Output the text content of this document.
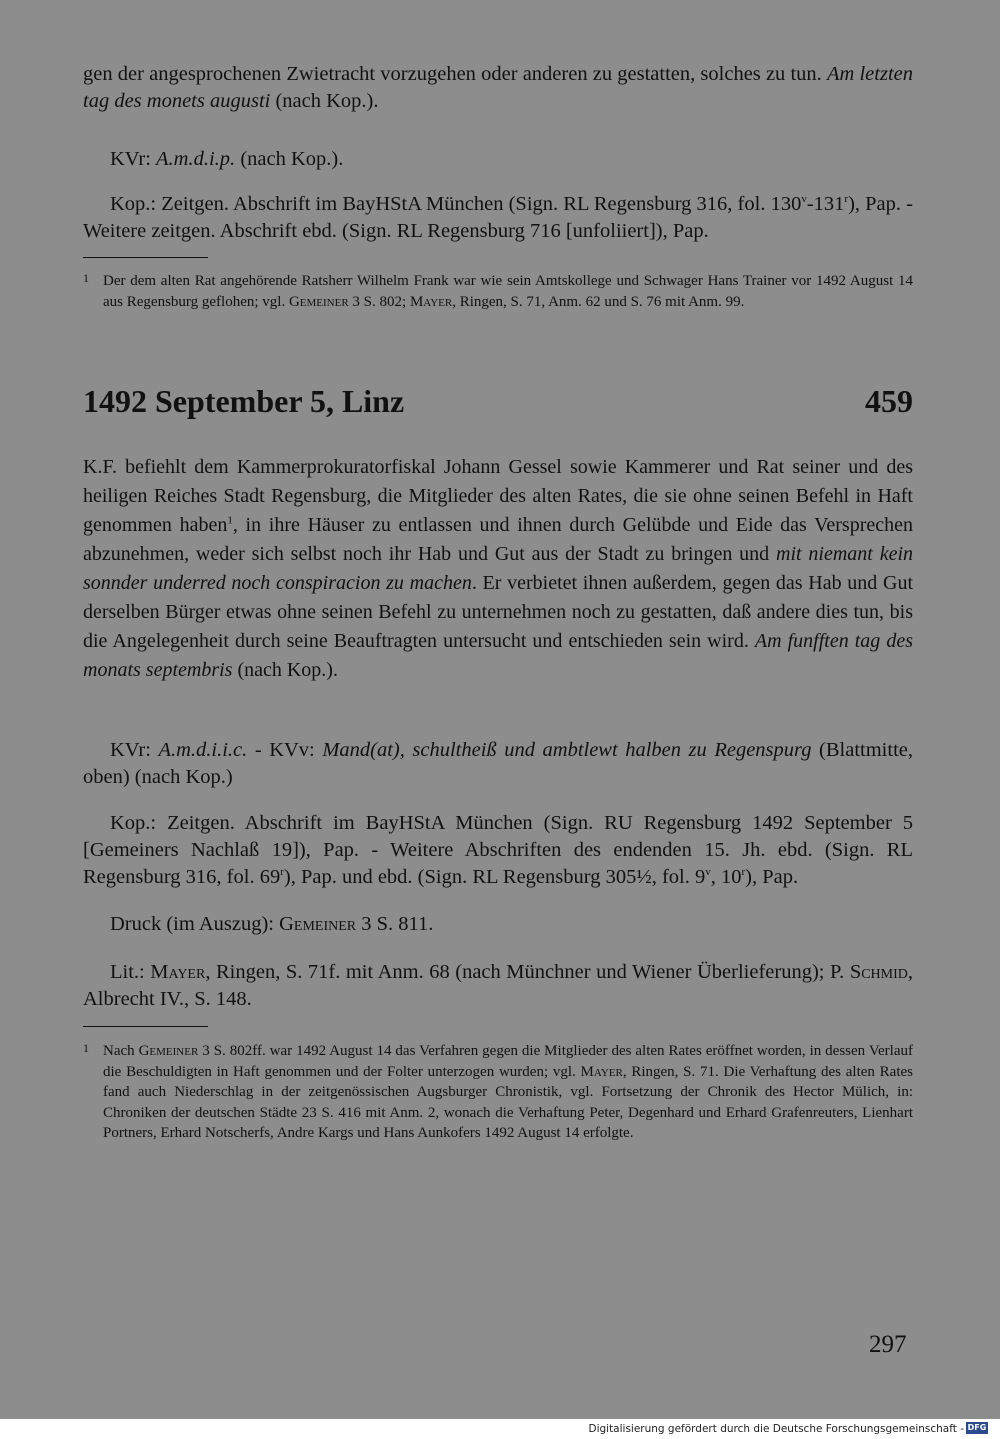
gen der angesprochenen Zwietracht vorzugehen oder anderen zu gestatten, solches zu tun. Am letzten tag des monets augusti (nach Kop.).

KVr: A.m.d.i.p. (nach Kop.).

Kop.: Zeitgen. Abschrift im BayHStA München (Sign. RL Regensburg 316, fol. 130$^v$-131$^r$), Pap. - Weitere zeitgen. Abschrift ebd. (Sign. RL Regensburg 716 [unfoliiert]), Pap.

1 Der dem alten Rat angehörende Ratsherr Wilhelm Frank war wie sein Amtskollege und Schwager Hans Trainer vor 1492 August 14 aus Regensburg geflohen; vgl. Gemeiner 3 S. 802; Mayer, Ringen, S. 71, Anm. 62 und S. 76 mit Anm. 99.

1492 September 5, Linz	459

K.F. befiehlt dem Kammerprokuratorfiskal Johann Gessel sowie Kammerer und Rat seiner und des heiligen Reiches Stadt Regensburg, die Mitglieder des alten Rates, die sie ohne seinen Befehl in Haft genommen haben$^1$, in ihre Häuser zu entlassen und ihnen durch Gelübde und Eide das Versprechen abzunehmen, weder sich selbst noch ihr Hab und Gut aus der Stadt zu bringen und mit niemant kein sonnder underred noch conspiracion zu machen. Er verbietet ihnen außerdem, gegen das Hab und Gut derselben Bürger etwas ohne seinen Befehl zu unternehmen noch zu gestatten, daß andere dies tun, bis die Angelegenheit durch seine Beauftragten untersucht und entschieden sein wird. Am funfften tag des monats septembris (nach Kop.).

KVr: A.m.d.i.i.c. - KVv: Mand(at), schultheiß und ambtlewt halben zu Regenspurg (Blattmitte, oben) (nach Kop.)

Kop.: Zeitgen. Abschrift im BayHStA München (Sign. RU Regensburg 1492 September 5 [Gemeiners Nachlaß 19]), Pap. - Weitere Abschriften des endenden 15. Jh. ebd. (Sign. RL Regensburg 316, fol. 69$^r$), Pap. und ebd. (Sign. RL Regensburg 305½, fol. 9$^v$, 10$^r$), Pap.

Druck (im Auszug): Gemeiner 3 S. 811.

Lit.: Mayer, Ringen, S. 71f. mit Anm. 68 (nach Münchner und Wiener Überlieferung); P. Schmid, Albrecht IV., S. 148.

1 Nach Gemeiner 3 S. 802ff. war 1492 August 14 das Verfahren gegen die Mitglieder des alten Rates eröffnet worden, in dessen Verlauf die Beschuldigten in Haft genommen und der Folter unterzogen wurden; vgl. Mayer, Ringen, S. 71. Die Verhaftung des alten Rates fand auch Niederschlag in der zeitgenössischen Augsburger Chronistik, vgl. Fortsetzung der Chronik des Hector Mülich, in: Chroniken der deutschen Städte 23 S. 416 mit Anm. 2, wonach die Verhaftung Peter, Degenhard und Erhard Grafenreuters, Lienhart Portners, Erhard Notscherfs, Andre Kargs und Hans Aunkofers 1492 August 14 erfolgte.

297
Digitalisierung gefördert durch die Deutsche Forschungsgemeinschaft - DFG
